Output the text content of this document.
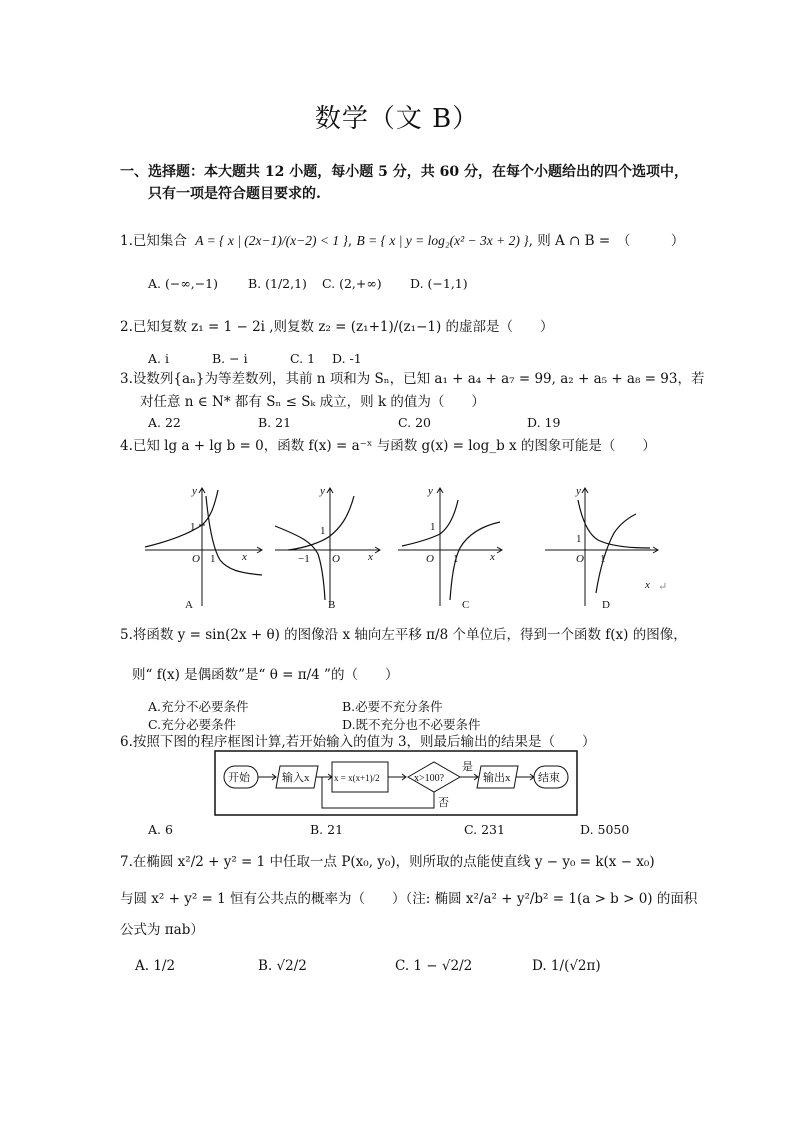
数学（文 B）
一、选择题：本大题共 12 小题，每小题 5 分，共 60 分，在每个小题给出的四个选项中，
只有一项是符合题目要求的.
1.已知集合 A = { x | (2x−1)/(x−2) < 1 }, B = { x | y = log₂(x² − 3x + 2) }, 则 A ∩ B =　（　　　）
A. (−∞,−1) B. (1/2,1) C. (2,+∞) D. (−1,1)
2.已知复数 z₁ = 1 − 2i ,则复数 z₂ = (z₁+1)/(z₁−1) 的虚部是（　　）
A. i	B. − i	C. 1 D. -1
3.设数列{aₙ}为等差数列，其前 n 项和为 Sₙ，已知 a₁ + a₄ + a₇ = 99, a₂ + a₅ + a₈ = 93，若
对任意 n ∈ N* 都有 Sₙ ≤ Sₖ 成立，则 k 的值为（　　）
A. 22	B. 21	C. 20	D. 19
4.已知 lg a + lg b = 0，函数 f(x) = a⁻ˣ 与函数 g(x) = log_b x 的图象可能是（　　）
y
x
O
1
1
A
y
x
O
1
−1
B
y
x
O
1
1
C
y
x
O
1
1
D
↵
5.将函数 y = sin(2x + θ) 的图像沿 x 轴向左平移 π/8 个单位后，得到一个函数 f(x) 的图像，
则“ f(x) 是偶函数”是“ θ = π/4 ”的（　　）
A.充分不必要条件	B.必要不充分条件
C.充分必要条件	D.既不充分也不必要条件
6.按照下图的程序框图计算,若开始输入的值为 3，则最后输出的结果是（　　）
开始	输入x	x = x(x+1)/2	x>100?	输出x	结束
是
否
A. 6	B. 21	C. 231	D. 5050
7.在椭圆 x²/2 + y² = 1 中任取一点 P(x₀, y₀)，则所取的点能使直线 y − y₀ = k(x − x₀)
与圆 x² + y² = 1 恒有公共点的概率为（　　）（注: 椭圆 x²/a² + y²/b² = 1(a > b > 0) 的面积
公式为 πab）
A. 1/2	B. √2/2	C. 1 − √2/2	D. 1/(√2π)
